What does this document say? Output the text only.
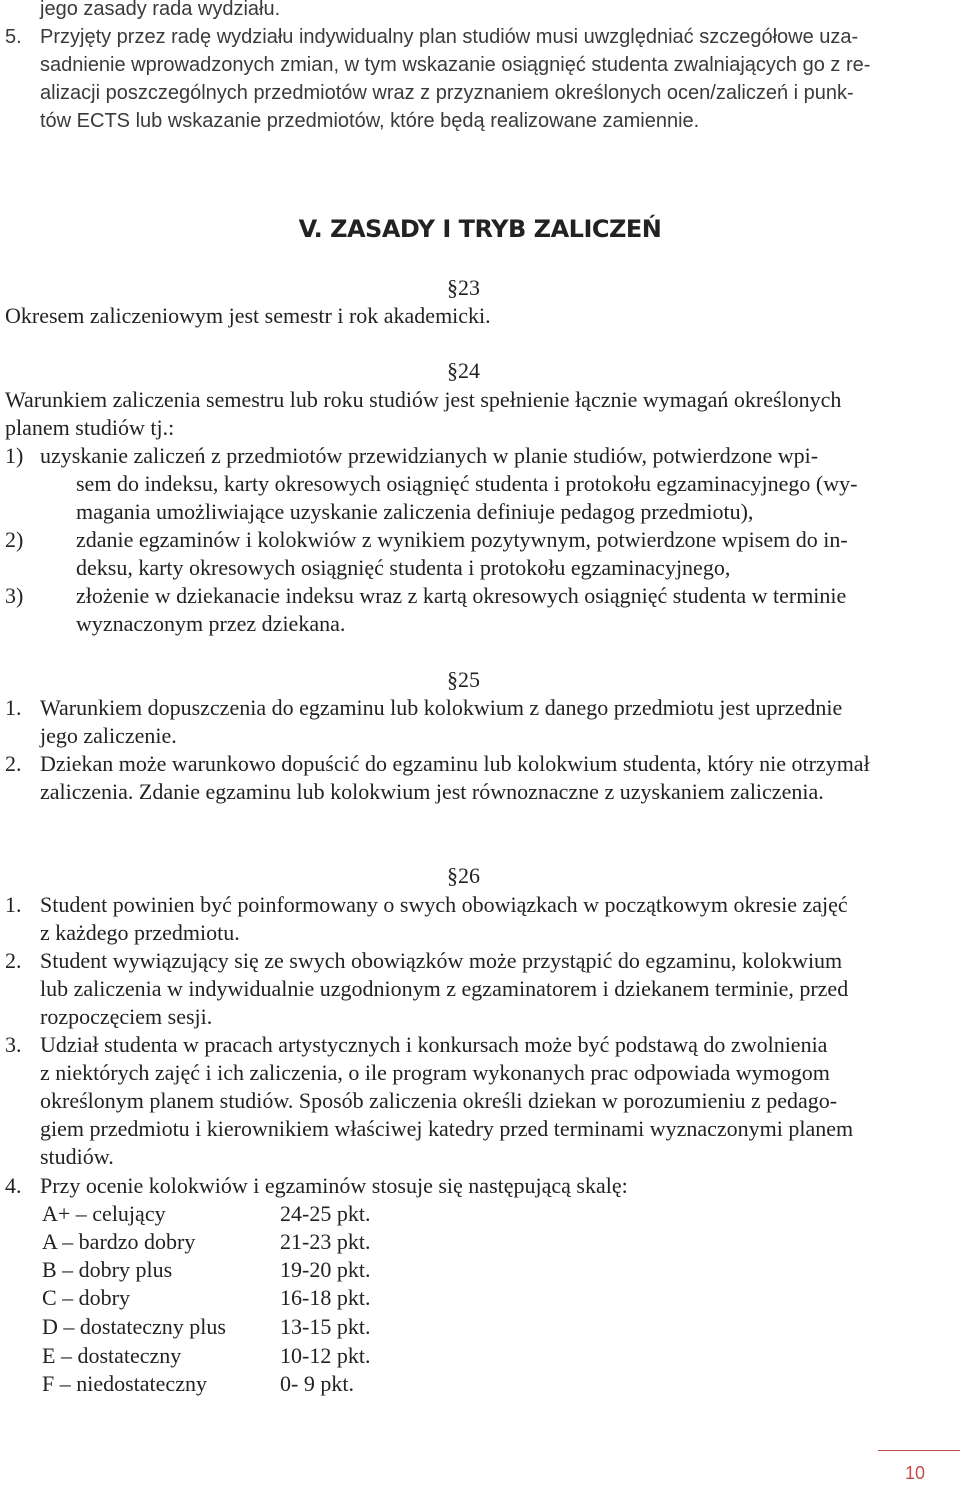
jego zasady rada wydziału.
5. Przyjęty przez radę wydziału indywidualny plan studiów musi uwzględniać szczegółowe uza-
sadnienie wprowadzonych zmian, w tym wskazanie osiągnięć studenta zwalniających go z re-
alizacji poszczególnych przedmiotów wraz z przyznaniem określonych ocen/zaliczeń i punk-
tów ECTS lub wskazanie przedmiotów, które będą realizowane zamiennie.
V. ZASADY I TRYB ZALICZEŃ
§23
Okresem zaliczeniowym jest semestr i rok akademicki.
§24
Warunkiem zaliczenia semestru lub roku studiów jest spełnienie łącznie wymagań określonych
planem studiów tj.:
1) uzyskanie zaliczeń z przedmiotów przewidzianych w planie studiów, potwierdzone wpi-
sem do indeksu, karty okresowych osiągnięć studenta i protokołu egzaminacyjnego (wy-
magania umożliwiające uzyskanie zaliczenia definiuje pedagog przedmiotu),
2) zdanie egzaminów i kolokwiów z wynikiem pozytywnym, potwierdzone wpisem do in-
deksu, karty okresowych osiągnięć studenta i protokołu egzaminacyjnego,
3) złożenie w dziekanacie indeksu wraz z kartą okresowych osiągnięć studenta w terminie
wyznaczonym przez dziekana.
§25
1. Warunkiem dopuszczenia do egzaminu lub kolokwium z danego przedmiotu jest uprzednie
jego zaliczenie.
2. Dziekan może warunkowo dopuścić do egzaminu lub kolokwium studenta, który nie otrzymał
zaliczenia. Zdanie egzaminu lub kolokwium jest równoznaczne z uzyskaniem zaliczenia.
§26
1. Student powinien być poinformowany o swych obowiązkach w początkowym okresie zajęć
z każdego przedmiotu.
2. Student wywiązujący się ze swych obowiązków może przystąpić do egzaminu, kolokwium
lub zaliczenia w indywidualnie uzgodnionym z egzaminatorem i dziekanem terminie, przed
rozpoczęciem sesji.
3. Udział studenta w pracach artystycznych i konkursach może być podstawą do zwolnienia
z niektórych zajęć i ich zaliczenia, o ile program wykonanych prac odpowiada wymogom
określonym planem studiów. Sposób zaliczenia określi dziekan w porozumieniu z pedago-
giem przedmiotu i kierownikiem właściwej katedry przed terminami wyznaczonymi planem
studiów.
4. Przy ocenie kolokwiów i egzaminów stosuje się następującą skalę:
A+ – celujący	24-25 pkt.
A – bardzo dobry	21-23 pkt.
B – dobry plus	19-20 pkt.
C – dobry	16-18 pkt.
D – dostateczny plus 13-15 pkt.
E – dostateczny	10-12 pkt.
F – niedostateczny	0- 9 pkt.
10
